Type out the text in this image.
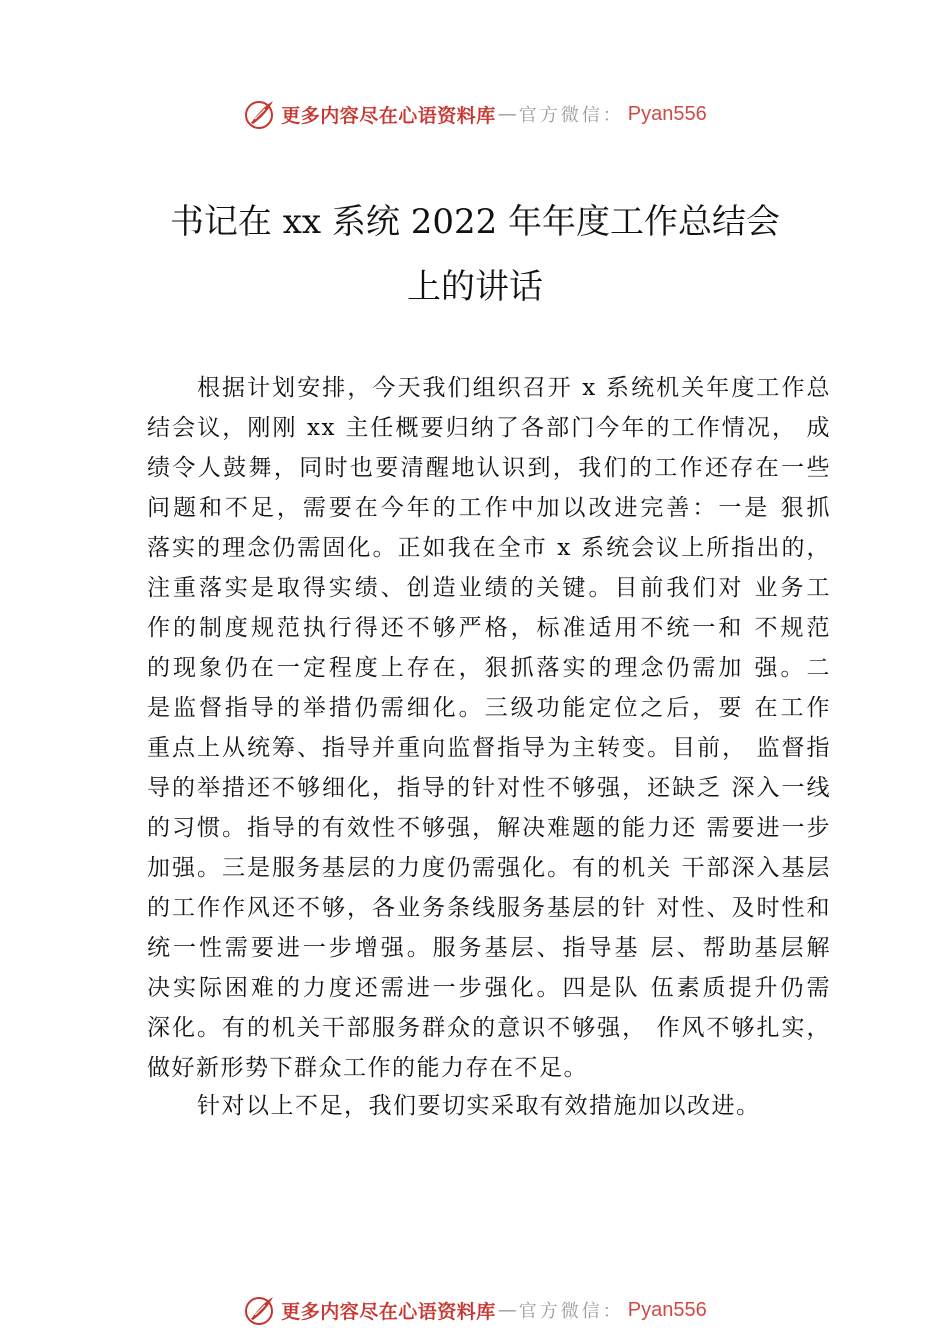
更多内容尽在心语资料库 — 官方微信： Pyan556
书记在 xx 系统 2022 年年度工作总结会
上的讲话
根据计划安排，今天我们组织召开 x 系统机关年度工作总
结会议，刚刚 xx 主任概要归纳了各部门今年的工作情况， 成
绩令人鼓舞，同时也要清醒地认识到，我们的工作还存在一些
问题和不足，需要在今年的工作中加以改进完善：一是 狠抓
落实的理念仍需固化。正如我在全市 x 系统会议上所指出的，
注重落实是取得实绩、创造业绩的关键。目前我们对 业务工
作的制度规范执行得还不够严格，标准适用不统一和 不规范
的现象仍在一定程度上存在，狠抓落实的理念仍需加 强。二
是监督指导的举措仍需细化。三级功能定位之后，要 在工作
重点上从统筹、指导并重向监督指导为主转变。目前， 监督指
导的举措还不够细化，指导的针对性不够强，还缺乏 深入一线
的习惯。指导的有效性不够强，解决难题的能力还 需要进一步
加强。三是服务基层的力度仍需强化。有的机关 干部深入基层
的工作作风还不够，各业务条线服务基层的针 对性、及时性和
统一性需要进一步增强。服务基层、指导基 层、帮助基层解
决实际困难的力度还需进一步强化。四是队 伍素质提升仍需
深化。有的机关干部服务群众的意识不够强， 作风不够扎实，
做好新形势下群众工作的能力存在不足。
针对以上不足，我们要切实采取有效措施加以改进。
更多内容尽在心语资料库 — 官方微信： Pyan556
